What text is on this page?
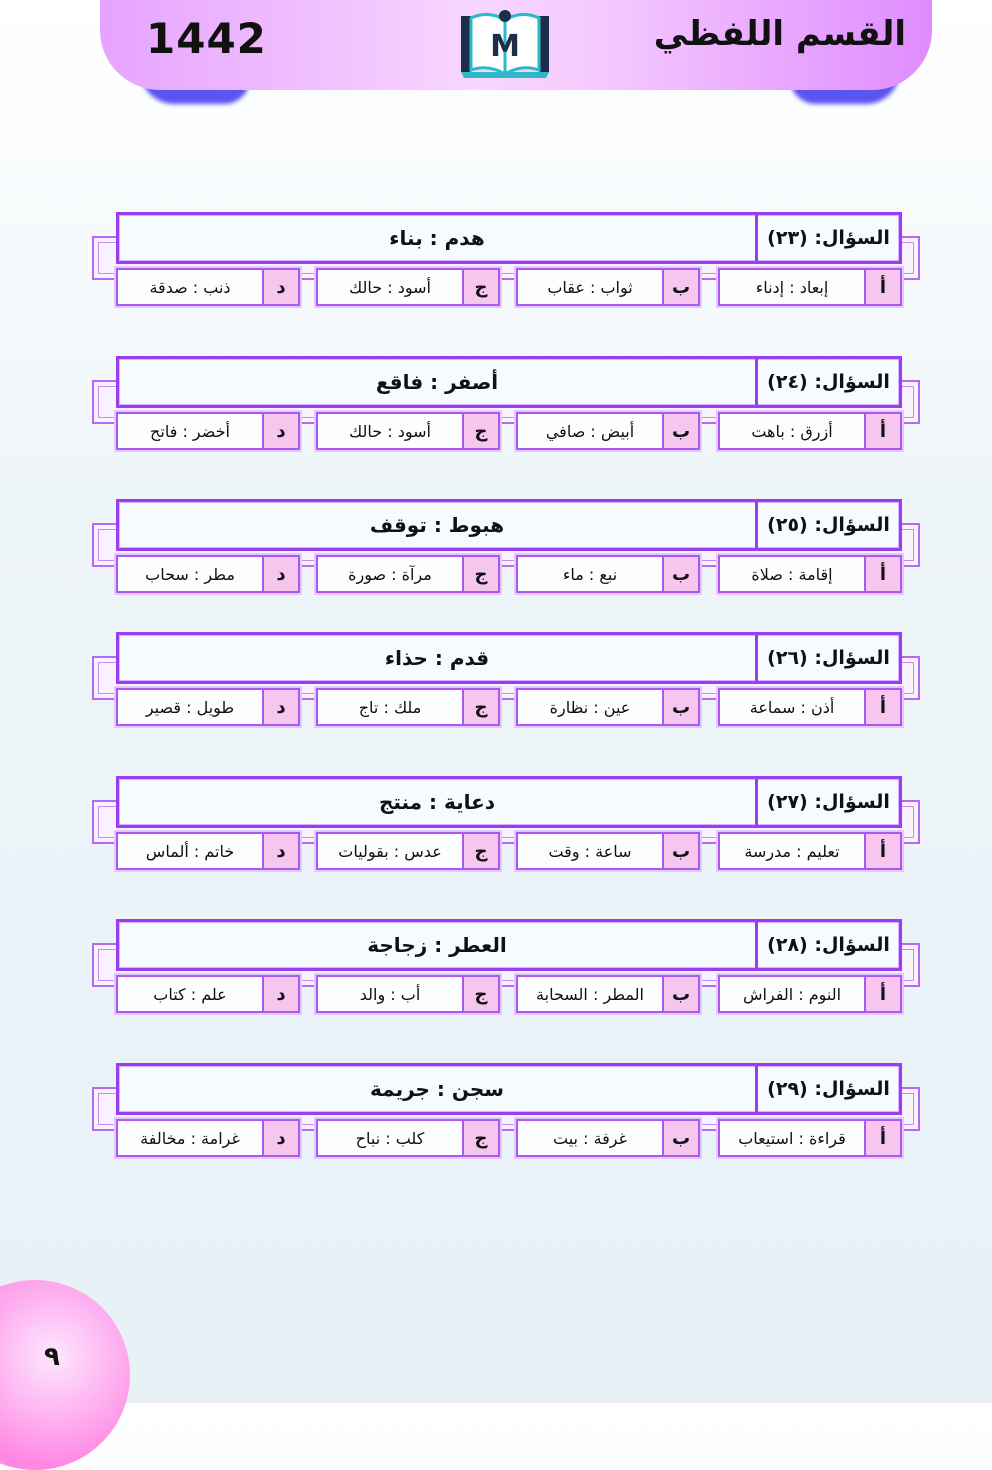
1442	M	القسم اللفظي
هدم : بناء	السؤال: (٢٣)
إبعاد : إدناء	أ
ثواب : عقاب	ب
أسود : حالك	ج
ذنب : صدقة	د
أصفر : فاقع	السؤال: (٢٤)
أزرق : باهت	أ
أبيض : صافي	ب
أسود : حالك	ج
أخضر : فاتح	د
هبوط : توقف	السؤال: (٢٥)
إقامة : صلاة	أ
نبع : ماء	ب
مرآة : صورة	ج
مطر : سحاب	د
قدم : حذاء	السؤال: (٢٦)
أذن : سماعة	أ
عين : نظارة	ب
ملك : تاج	ج
طويل : قصير	د
دعاية : منتج	السؤال: (٢٧)
تعليم : مدرسة	أ
ساعة : وقت	ب
عدس : بقوليات	ج
خاتم : ألماس	د
العطر : زجاجة	السؤال: (٢٨)
النوم : الفراش	أ
المطر : السحابة	ب
أب : والد	ج
علم : كتاب	د
سجن : جريمة	السؤال: (٢٩)
قراءة : استيعاب	أ
غرفة : بيت	ب
كلب : نباح	ج
غرامة : مخالفة	د
٩
